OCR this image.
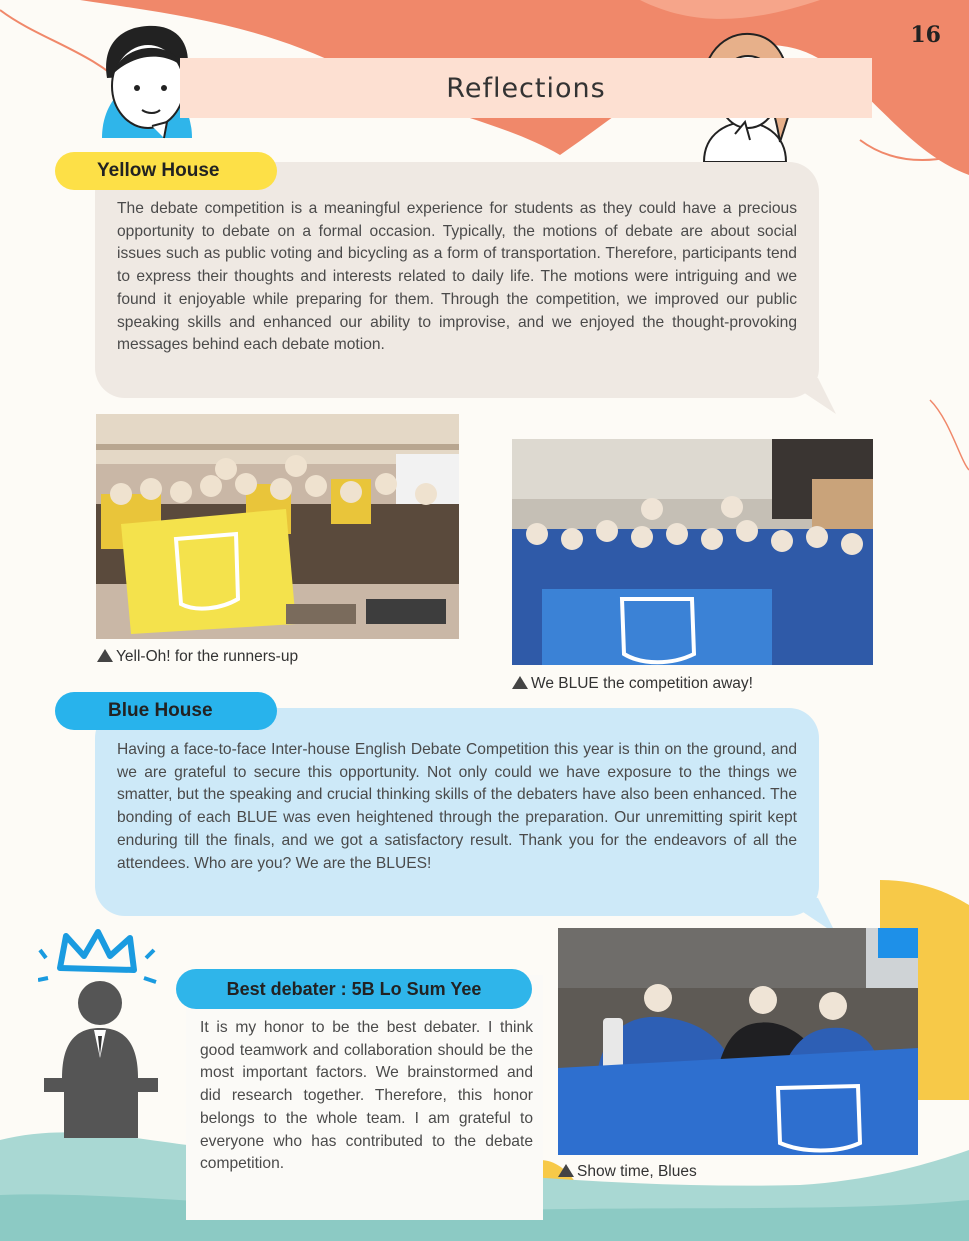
16
Reflections
The debate competition is a meaningful experience for students as they could have a precious opportunity to debate on a formal occasion. Typically, the motions of debate are about social issues such as public voting and bicycling as a form of transportation. Therefore, participants tend to express their thoughts and interests related to daily life. The motions were intriguing and we found it enjoyable while preparing for them. Through the competition, we improved our public speaking skills and enhanced our ability to improvise, and we enjoyed the thought-provoking messages behind each debate motion.
Yellow House
Yell-Oh! for the runners-up
We BLUE the competition away!
Having a face-to-face Inter-house English Debate Competition this year is thin on the ground, and we are grateful to secure this opportunity. Not only could we have exposure to the things we smatter, but the speaking and crucial thinking skills of the debaters have also been enhanced. The bonding of each BLUE was even heightened through the preparation. Our unremitting spirit kept enduring till the finals, and we got a satisfactory result. Thank you for the endeavors of all the attendees. Who are you? We are the BLUES!
Blue House
Best debater : 5B Lo Sum Yee
It is my honor to be the best debater. I think good teamwork and collaboration should be the most important factors. We brainstormed and did research together. Therefore, this honor belongs to the whole team. I am grateful to everyone who has contributed to the debate competition.	Show time, Blues
